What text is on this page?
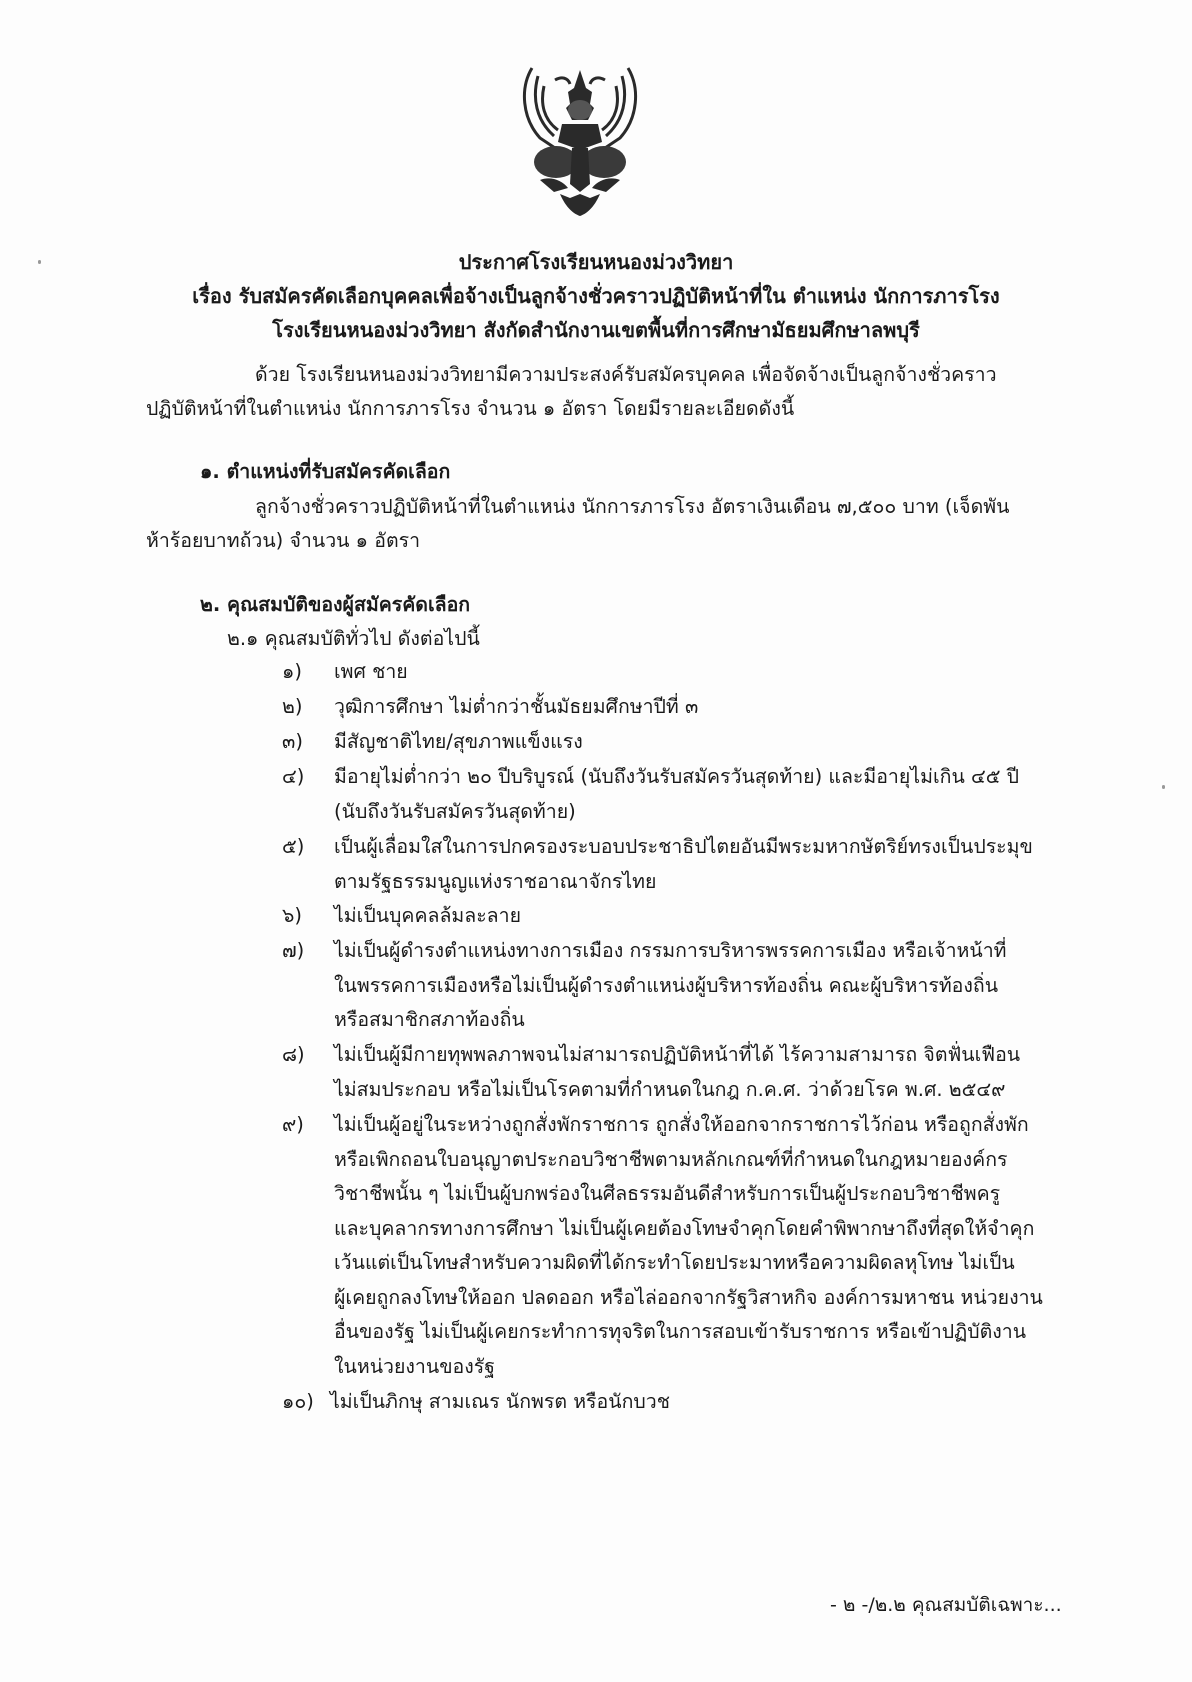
ประกาศโรงเรียนหนองม่วงวิทยา
เรื่อง รับสมัครคัดเลือกบุคคลเพื่อจ้างเป็นลูกจ้างชั่วคราวปฏิบัติหน้าที่ใน ตำแหน่ง นักการภารโรง
โรงเรียนหนองม่วงวิทยา สังกัดสำนักงานเขตพื้นที่การศึกษามัธยมศึกษาลพบุรี
ด้วย โรงเรียนหนองม่วงวิทยามีความประสงค์รับสมัครบุคคล เพื่อจัดจ้างเป็นลูกจ้างชั่วคราว
ปฏิบัติหน้าที่ในตำแหน่ง นักการภารโรง จำนวน ๑ อัตรา โดยมีรายละเอียดดังนี้
๑. ตำแหน่งที่รับสมัครคัดเลือก
ลูกจ้างชั่วคราวปฏิบัติหน้าที่ในตำแหน่ง นักการภารโรง อัตราเงินเดือน ๗,๕๐๐ บาท (เจ็ดพัน
ห้าร้อยบาทถ้วน) จำนวน ๑ อัตรา
๒. คุณสมบัติของผู้สมัครคัดเลือก
๒.๑ คุณสมบัติทั่วไป ดังต่อไปนี้
๑) เพศ ชาย
๒) วุฒิการศึกษา ไม่ต่ำกว่าชั้นมัธยมศึกษาปีที่ ๓
๓) มีสัญชาติไทย/สุขภาพแข็งแรง
๔) มีอายุไม่ต่ำกว่า ๒๐ ปีบริบูรณ์ (นับถึงวันรับสมัครวันสุดท้าย) และมีอายุไม่เกิน ๔๕ ปี
(นับถึงวันรับสมัครวันสุดท้าย)
๕) เป็นผู้เลื่อมใสในการปกครองระบอบประชาธิปไตยอันมีพระมหากษัตริย์ทรงเป็นประมุข
ตามรัฐธรรมนูญแห่งราชอาณาจักรไทย
๖) ไม่เป็นบุคคลล้มละลาย
๗) ไม่เป็นผู้ดำรงตำแหน่งทางการเมือง กรรมการบริหารพรรคการเมือง หรือเจ้าหน้าที่
ในพรรคการเมืองหรือไม่เป็นผู้ดำรงตำแหน่งผู้บริหารท้องถิ่น คณะผู้บริหารท้องถิ่น
หรือสมาชิกสภาท้องถิ่น
๘) ไม่เป็นผู้มีกายทุพพลภาพจนไม่สามารถปฏิบัติหน้าที่ได้ ไร้ความสามารถ จิตฟั่นเฟือน
ไม่สมประกอบ หรือไม่เป็นโรคตามที่กำหนดในกฎ ก.ค.ศ. ว่าด้วยโรค พ.ศ. ๒๕๔๙
๙) ไม่เป็นผู้อยู่ในระหว่างถูกสั่งพักราชการ ถูกสั่งให้ออกจากราชการไว้ก่อน หรือถูกสั่งพัก
หรือเพิกถอนใบอนุญาตประกอบวิชาชีพตามหลักเกณฑ์ที่กำหนดในกฎหมายองค์กร
วิชาชีพนั้น ๆ ไม่เป็นผู้บกพร่องในศีลธรรมอันดีสำหรับการเป็นผู้ประกอบวิชาชีพครู
และบุคลากรทางการศึกษา ไม่เป็นผู้เคยต้องโทษจำคุกโดยคำพิพากษาถึงที่สุดให้จำคุก
เว้นแต่เป็นโทษสำหรับความผิดที่ได้กระทำโดยประมาทหรือความผิดลหุโทษ ไม่เป็น
ผู้เคยถูกลงโทษให้ออก ปลดออก หรือไล่ออกจากรัฐวิสาหกิจ องค์การมหาชน หน่วยงาน
อื่นของรัฐ ไม่เป็นผู้เคยกระทำการทุจริตในการสอบเข้ารับราชการ หรือเข้าปฏิบัติงาน
ในหน่วยงานของรัฐ
๑๐) ไม่เป็นภิกษุ สามเณร นักพรต หรือนักบวช
- ๒ -/๒.๒ คุณสมบัติเฉพาะ...
